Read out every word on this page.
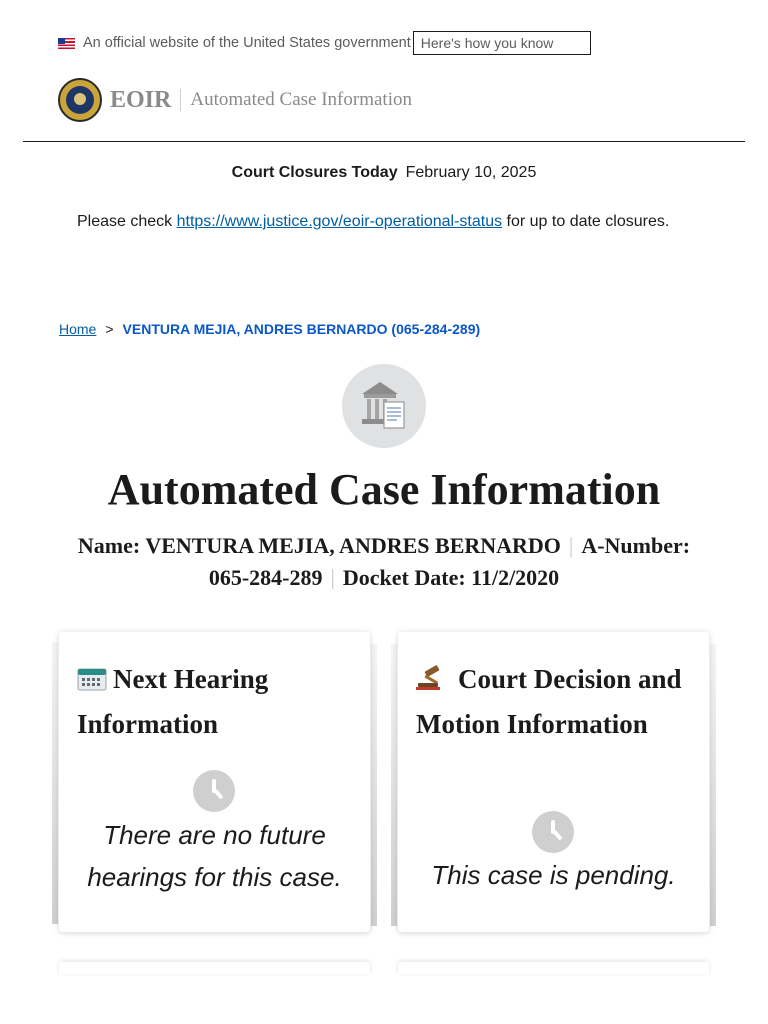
An official website of the United States government Here's how you know
EOIR Automated Case Information
Court Closures Today February 10, 2025
Please check https://www.justice.gov/eoir-operational-status for up to date closures.
Home > VENTURA MEJIA, ANDRES BERNARDO (065-284-289)
Automated Case Information
Name: VENTURA MEJIA, ANDRES BERNARDO | A-Number: 065-284-289 | Docket Date: 11/2/2020
Next Hearing Information
There are no future hearings for this case.
Court Decision and Motion Information
This case is pending.
